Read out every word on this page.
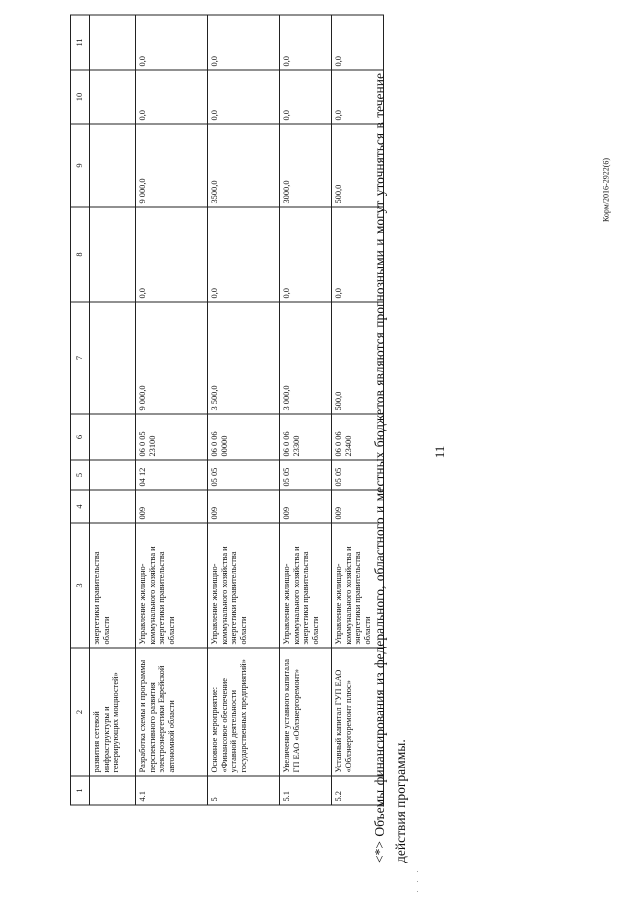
11
Корм/2016-2922(6)
1	2	3	4	5	6	7	8	9	10	11
	развития сетевой инфраструктуры и генерирующих мощностей»	энергетики правительства области								
4.1	Разработка схемы и программы перспективного развития электроэнергетики Еврейской автономной области	Управление жилищно-коммунального хозяйства и энергетики правительства области	009	04 12	06 0 05 23100	9 000,0	0,0	9 000,0	0,0	0,0
5	Основное мероприятие: «Финансовое обеспечение уставной деятельности государственных предприятий»	Управление жилищно-коммунального хозяйства и энергетики правительства области	009	05 05	06 0 06 00000	3 500,0	0,0	3500,0	0,0	0,0
5.1	Увеличение уставного капитала ГП ЕАО «Облэнергоремонт»	Управление жилищно-коммунального хозяйства и энергетики правительства области	009	05 05	06 0 06 23300	3 000,0	0,0	3000,0	0,0	0,0
5.2	Уставный капитал ГУП ЕАО «Облэнергоремонт плюс»	Управление жилищно-коммунального хозяйства и энергетики правительства области	009	05 05	06 0 06 23400	500,0	0,0	500,0	0,0	0,0
<*> Объемы финансирования из федерального, областного и местных бюджетов являются прогнозными и могут уточняться в течение действия программы.
· · ·
